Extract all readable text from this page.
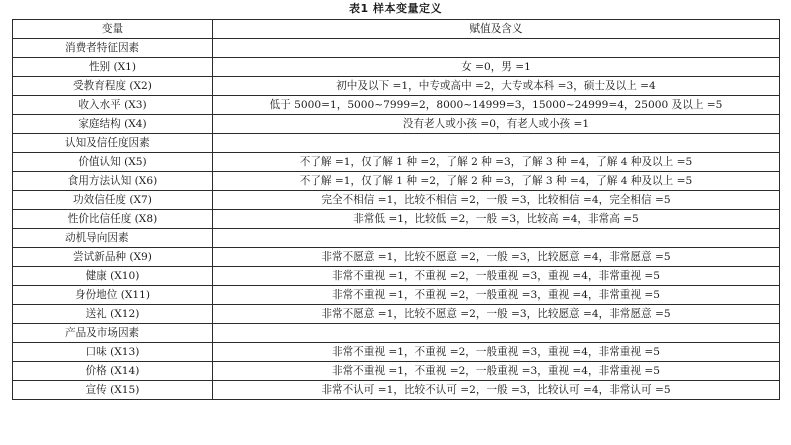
表1 样本变量定义
变量	赋值及含义
消费者特征因素	
性别 (X1)	女 =0，男 =1
受教育程度 (X2)	初中及以下 =1，中专或高中 =2，大专或本科 =3，硕士及以上 =4
收入水平 (X3)	低于 5000=1，5000~7999=2，8000~14999=3，15000~24999=4，25000 及以上 =5
家庭结构 (X4)	没有老人或小孩 =0，有老人或小孩 =1
认知及信任度因素	
价值认知 (X5)	不了解 =1，仅了解 1 种 =2，了解 2 种 =3，了解 3 种 =4，了解 4 种及以上 =5
食用方法认知 (X6)	不了解 =1，仅了解 1 种 =2，了解 2 种 =3，了解 3 种 =4，了解 4 种及以上 =5
功效信任度 (X7)	完全不相信 =1，比较不相信 =2，一般 =3，比较相信 =4，完全相信 =5
性价比信任度 (X8)	非常低 =1，比较低 =2，一般 =3，比较高 =4，非常高 =5
动机导向因素	
尝试新品种 (X9)	非常不愿意 =1，比较不愿意 =2，一般 =3，比较愿意 =4，非常愿意 =5
健康 (X10)	非常不重视 =1，不重视 =2，一般重视 =3，重视 =4，非常重视 =5
身份地位 (X11)	非常不重视 =1，不重视 =2，一般重视 =3，重视 =4，非常重视 =5
送礼 (X12)	非常不愿意 =1，比较不愿意 =2，一般 =3，比较愿意 =4，非常愿意 =5
产品及市场因素	
口味 (X13)	非常不重视 =1，不重视 =2，一般重视 =3，重视 =4，非常重视 =5
价格 (X14)	非常不重视 =1，不重视 =2，一般重视 =3，重视 =4，非常重视 =5
宣传 (X15)	非常不认可 =1，比较不认可 =2，一般 =3，比较认可 =4，非常认可 =5
